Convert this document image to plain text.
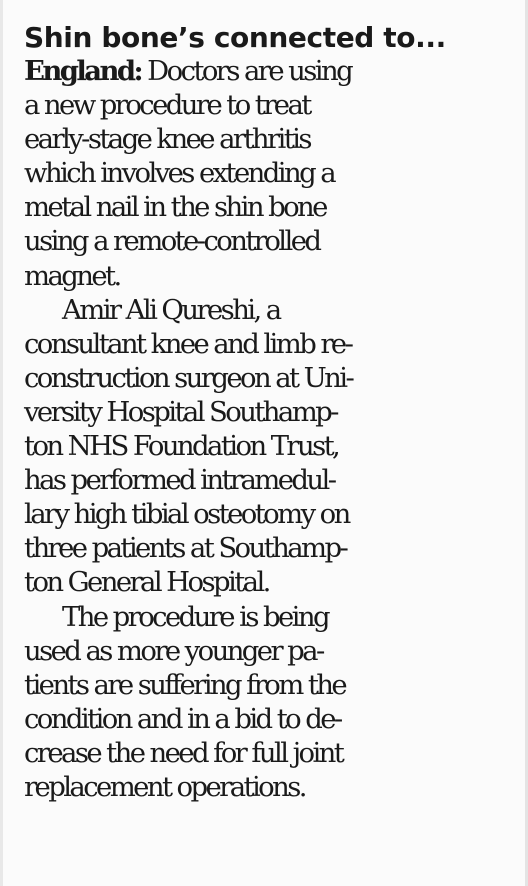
Shin bone’s connected to...

England: Doctors are using
a new procedure to treat
early-stage knee arthritis
which involves extending a
metal nail in the shin bone
using a remote-controlled
magnet.

Amir Ali Qureshi, a
consultant knee and limb re-
construction surgeon at Uni-
versity Hospital Southamp-
ton NHS Foundation Trust,
has performed intramedul-
lary high tibial osteotomy on
three patients at Southamp-
ton General Hospital.

The procedure is being
used as more younger pa-
tients are suffering from the
condition and in a bid to de-
crease the need for full joint
replacement operations.
